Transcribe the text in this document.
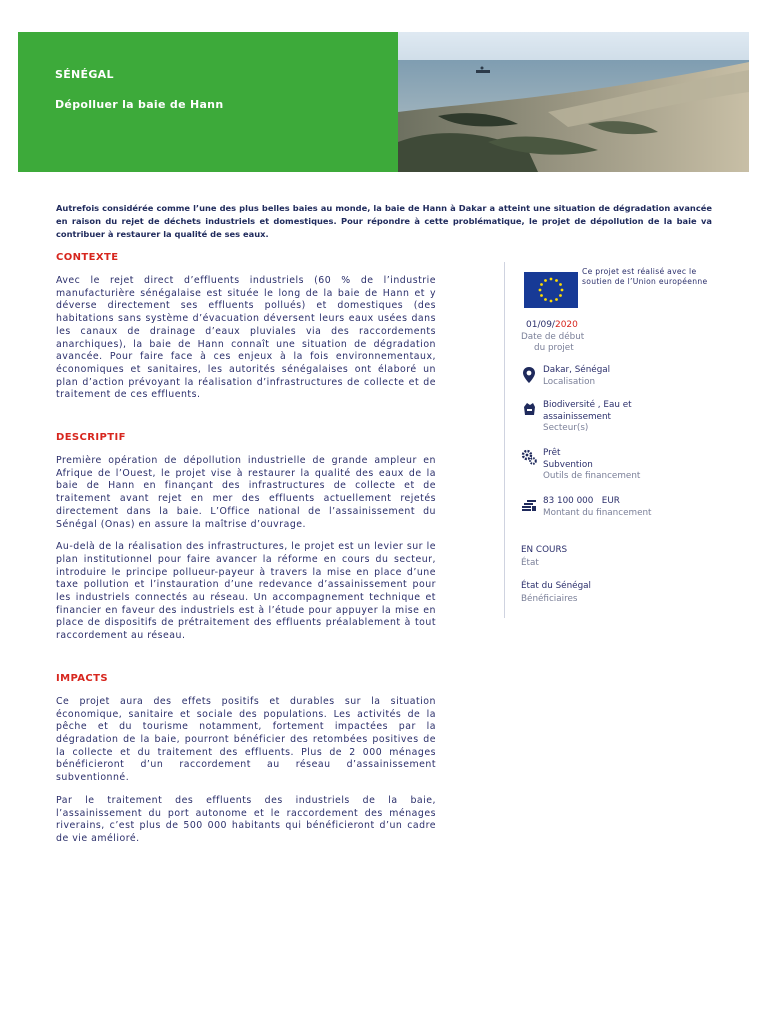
SÉNÉGAL
Dépolluer la baie de Hann
Autrefois considérée comme l’une des plus belles baies au monde, la baie de Hann à Dakar a atteint une situation de dégradation avancée en raison du rejet de déchets industriels et domestiques. Pour répondre à cette problématique, le projet de dépollution de la baie va contribuer à restaurer la qualité de ses eaux.
CONTEXTE

Avec le rejet direct d’effluents industriels (60 % de l’industrie manufacturière sénégalaise est située le long de la baie de Hann et y déverse directement ses effluents pollués) et domestiques (des habitations sans système d’évacuation déversent leurs eaux usées dans les canaux de drainage d’eaux pluviales via des raccordements anarchiques), la baie de Hann connaît une situation de dégradation avancée. Pour faire face à ces enjeux à la fois environnementaux, économiques et sanitaires, les autorités sénégalaises ont élaboré un plan d’action prévoyant la réalisation d’infrastructures de collecte et de traitement de ces effluents.

DESCRIPTIF

Première opération de dépollution industrielle de grande ampleur en Afrique de l’Ouest, le projet vise à restaurer la qualité des eaux de la baie de Hann en finançant des infrastructures de collecte et de traitement avant rejet en mer des effluents actuellement rejetés directement dans la baie. L’Office national de l’assainissement du Sénégal (Onas) en assure la maîtrise d’ouvrage.

Au-delà de la réalisation des infrastructures, le projet est un levier sur le plan institutionnel pour faire avancer la réforme en cours du secteur, introduire le principe pollueur-payeur à travers la mise en place d’une taxe pollution et l’instauration d’une redevance d’assainissement pour les industriels connectés au réseau. Un accompagnement technique et financier en faveur des industriels est à l’étude pour appuyer la mise en place de dispositifs de prétraitement des effluents préalablement à tout raccordement au réseau.

IMPACTS

Ce projet aura des effets positifs et durables sur la situation économique, sanitaire et sociale des populations. Les activités de la pêche et du tourisme notamment, fortement impactées par la dégradation de la baie, pourront bénéficier des retombées positives de la collecte et du traitement des effluents. Plus de 2 000 ménages bénéficieront d’un raccordement au réseau d’assainissement subventionné.

Par le traitement des effluents des industriels de la baie, l’assainissement du port autonome et le raccordement des ménages riverains, c’est plus de 500 000 habitants qui bénéficieront d’un cadre de vie amélioré.

Ce projet est réalisé avec le soutien de l’Union européenne
01/09/2020
Date de début
du projet
Dakar, Sénégal
Localisation
Biodiversité , Eau et
assainissement
Secteur(s)
Prêt
Subvention
Outils de financement
83 100 000   EUR
Montant du financement
EN COURS
État
État du Sénégal
Bénéficiaires
